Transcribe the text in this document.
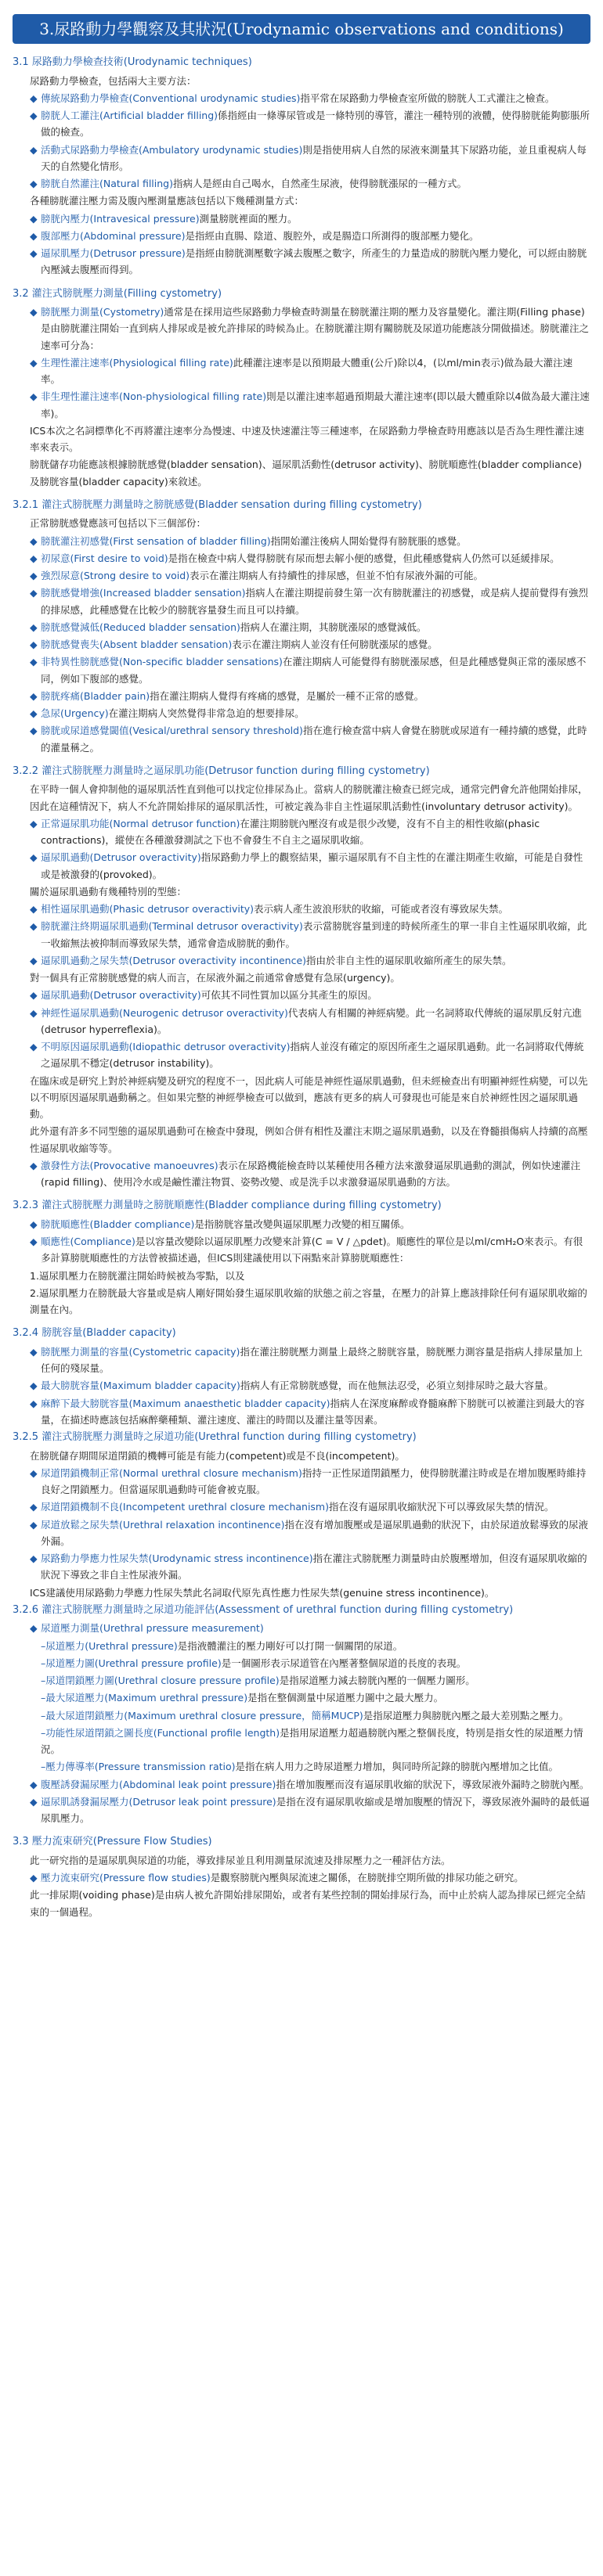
3.尿路動力學觀察及其狀況(Urodynamic observations and conditions)
3.1 尿路動力學檢查技術(Urodynamic techniques)
尿路動力學檢查，包括兩大主要方法：
◆ 傳統尿路動力學檢查(Conventional urodynamic studies)指平常在尿路動力學檢查室所做的膀胱人工式灌注之檢查。
◆ 膀胱人工灌注(Artificial bladder filling)係指經由一條導尿管或是一條特別的導管，灌注一種特別的液體，使得膀胱能夠膨脹所做的檢查。
◆ 活動式尿路動力學檢查(Ambulatory urodynamic studies)則是指使用病人自然的尿液來測量其下尿路功能，並且重視病人每天的自然變化情形。
◆ 膀胱自然灌注(Natural filling)指病人是經由自己喝水，自然產生尿液，使得膀胱漲尿的一種方式。
各種膀胱灌注壓力需及腹內壓測量應該包括以下幾種測量方式：
◆ 膀胱內壓力(Intravesical pressure)測量膀胱裡面的壓力。
◆ 腹部壓力(Abdominal pressure)是指經由直腸、陰道、腹腔外，或是腸造口所測得的腹部壓力變化。
◆ 逼尿肌壓力(Detrusor pressure)是指經由膀胱測壓數字減去腹壓之數字，所產生的力量造成的膀胱內壓力變化，可以經由膀胱內壓減去腹壓而得到。
3.2 灌注式膀胱壓力測量(Filling cystometry)
◆ 膀胱壓力測量(Cystometry)通常是在採用這些尿路動力學檢查時測量在膀胱灌注期的壓力及容量變化。灌注期(Filling phase)是由膀胱灌注開始一直到病人排尿或是被允許排尿的時候為止。在膀胱灌注期有關膀胱及尿道功能應該分開做描述。膀胱灌注之速率可分為：
◆ 生理性灌注速率(Physiological filling rate)此種灌注速率是以預期最大體重(公斤)除以4，(以ml/min表示)做為最大灌注速率。
◆ 非生理性灌注速率(Non-physiological filling rate)則是以灌注速率超過預期最大灌注速率(即以最大體重除以4做為最大灌注速率)。
ICS本次之名詞標準化不再將灌注速率分為慢速、中速及快速灌注等三種速率，在尿路動力學檢查時用應該以是否為生理性灌注速率來表示。
膀胱儲存功能應該根據膀胱感覺(bladder sensation)、逼尿肌活動性(detrusor activity)、膀胱順應性(bladder compliance)及膀胱容量(bladder capacity)來敘述。
3.2.1 灌注式膀胱壓力測量時之膀胱感覺(Bladder sensation during filling cystometry)
正常膀胱感覺應該可包括以下三個部份：
◆ 膀胱灌注初感覺(First sensation of bladder filling)指開始灌注後病人開始覺得有膀胱脹的感覺。
◆ 初尿意(First desire to void)是指在檢查中病人覺得膀胱有尿而想去解小便的感覺，但此種感覺病人仍然可以延緩排尿。
◆ 強烈尿意(Strong desire to void)表示在灌注期病人有持續性的排尿感，但並不怕有尿液外漏的可能。
◆ 膀胱感覺增強(Increased bladder sensation)指病人在灌注期提前發生第一次有膀胱灌注的初感覺，或是病人提前覺得有強烈的排尿感，此種感覺在比較少的膀胱容量發生而且可以持續。
◆ 膀胱感覺減低(Reduced bladder sensation)指病人在灌注期，其膀胱漲尿的感覺減低。
◆ 膀胱感覺喪失(Absent bladder sensation)表示在灌注期病人並沒有任何膀胱漲尿的感覺。
◆ 非特異性膀胱感覺(Non-specific bladder sensations)在灌注期病人可能覺得有膀胱漲尿感，但是此種感覺與正常的漲尿感不同，例如下腹部的感覺。
◆ 膀胱疼痛(Bladder pain)指在灌注期病人覺得有疼痛的感覺，是屬於一種不正常的感覺。
◆ 急尿(Urgency)在灌注期病人突然覺得非常急迫的想要排尿。
◆ 膀胱或尿道感覺閾值(Vesical/urethral sensory threshold)指在進行檢查當中病人會覺在膀胱或尿道有一種持續的感覺，此時的灌量稱之。
3.2.2 灌注式膀胱壓力測量時之逼尿肌功能(Detrusor function during filling cystometry)
在平時一個人會抑制他的逼尿肌活性直到他可以找定位排尿為止。當病人的膀胱灌注檢查已經完成，通常完們會允許他開始排尿，因此在這種情況下，病人不允許開始排尿的逼尿肌活性，可被定義為非自主性逼尿肌活動性(involuntary detrusor activity)。
◆ 正常逼尿肌功能(Normal detrusor function)在灌注期膀胱內壓沒有或是很少改變，沒有不自主的相性收縮(phasic contractions)，縱使在各種激發測試之下也不會發生不自主之逼尿肌收縮。
◆ 逼尿肌過動(Detrusor overactivity)指尿路動力學上的觀察結果，顯示逼尿肌有不自主性的在灌注期產生收縮，可能是自發性或是被激發的(provoked)。
關於逼尿肌過動有幾種特別的型態：
◆ 相性逼尿肌過動(Phasic detrusor overactivity)表示病人產生波浪形狀的收縮，可能或者沒有導致尿失禁。
◆ 膀胱灌注終期逼尿肌過動(Terminal detrusor overactivity)表示當膀胱容量到達的時候所產生的單一非自主性逼尿肌收縮，此一收縮無法被抑制而導致尿失禁，通常會造成膀胱的動作。
◆ 逼尿肌過動之尿失禁(Detrusor overactivity incontinence)指由於非自主性的逼尿肌收縮所產生的尿失禁。
對一個具有正常膀胱感覺的病人而言，在尿液外漏之前通常會感覺有急尿(urgency)。
◆ 逼尿肌過動(Detrusor overactivity)可依其不同性質加以區分其產生的原因。
◆ 神經性逼尿肌過動(Neurogenic detrusor overactivity)代表病人有相關的神經病變。此一名詞將取代傳統的逼尿肌反射亢進(detrusor hyperreflexia)。
◆ 不明原因逼尿肌過動(Idiopathic detrusor overactivity)指病人並沒有確定的原因所產生之逼尿肌過動。此一名詞將取代傳統之逼尿肌不穩定(detrusor instability)。
在臨床或是研究上對於神經病變及研究的程度不一，因此病人可能是神經性逼尿肌過動，但未經檢查出有明顯神經性病變，可以先以不明原因逼尿肌過動稱之。但如果完整的神經學檢查可以做到，應該有更多的病人可發現也可能是來自於神經性因之逼尿肌過動。
此外還有許多不同型態的逼尿肌過動可在檢查中發現，例如合併有相性及灌注末期之逼尿肌過動，以及在脊髓損傷病人持續的高壓性逼尿肌收縮等等。
◆ 激發性方法(Provocative manoeuvres)表示在尿路機能檢查時以某種使用各種方法來激發逼尿肌過動的測試，例如快速灌注(rapid filling)、使用冷水或是鹼性灌注物質、姿勢改變、或是洗手以求激發逼尿肌過動的方法。
3.2.3 灌注式膀胱壓力測量時之膀胱順應性(Bladder compliance during filling cystometry)
◆ 膀胱順應性(Bladder compliance)是指膀胱容量改變與逼尿肌壓力改變的相互關係。
◆ 順應性(Compliance)是以容量改變除以逼尿肌壓力改變來計算(C = V / △pdet)。順應性的單位是以ml/cmH₂O來表示。有很多計算膀胱順應性的方法曾被描述過，但ICS則建議使用以下兩點來計算膀胱順應性：
1.逼尿肌壓力在膀胱灌注開始時候被為零點，以及
2.逼尿肌壓力在膀胱最大容量或是病人剛好開始發生逼尿肌收縮的狀態之前之容量，在壓力的計算上應該排除任何有逼尿肌收縮的測量在內。
3.2.4 膀胱容量(Bladder capacity)
◆ 膀胱壓力測量的容量(Cystometric capacity)指在灌注膀胱壓力測量上最終之膀胱容量，膀胱壓力測容量是指病人排尿量加上任何的殘尿量。
◆ 最大膀胱容量(Maximum bladder capacity)指病人有正常膀胱感覺，而在他無法忍受，必須立刻排尿時之最大容量。
◆ 麻醉下最大膀胱容量(Maximum anaesthetic bladder capacity)指病人在深度麻醉或脊髓麻醉下膀胱可以被灌注到最大的容量，在描述時應該包括麻醉藥種類、灌注速度、灌注的時間以及灌注量等因素。
3.2.5 灌注式膀胱壓力測量時之尿道功能(Urethral function during filling cystometry)
在膀胱儲存期間尿道閉鎖的機轉可能是有能力(competent)或是不良(incompetent)。
◆ 尿道閉鎖機制正常(Normal urethral closure mechanism)指持一正性尿道閉鎖壓力，使得膀胱灌注時或是在增加腹壓時維持良好之閉鎖壓力。但當逼尿肌過動時可能會被克服。
◆ 尿道閉鎖機制不良(Incompetent urethral closure mechanism)指在沒有逼尿肌收縮狀況下可以導致尿失禁的情況。
◆ 尿道放鬆之尿失禁(Urethral relaxation incontinence)指在沒有增加腹壓或是逼尿肌過動的狀況下，由於尿道放鬆導致的尿液外漏。
◆ 尿路動力學應力性尿失禁(Urodynamic stress incontinence)指在灌注式膀胱壓力測量時由於腹壓增加，但沒有逼尿肌收縮的狀況下導致之非自主性尿液外漏。
ICS建議使用尿路動力學應力性尿失禁此名詞取代原先真性應力性尿失禁(genuine stress incontinence)。
3.2.6 灌注式膀胱壓力測量時之尿道功能評估(Assessment of urethral function during filling cystometry)
◆ 尿道壓力測量(Urethral pressure measurement)
–尿道壓力(Urethral pressure)是指液體灌注的壓力剛好可以打開一個關閉的尿道。
–尿道壓力圖(Urethral pressure profile)是一個圖形表示尿道管在內壓著整個尿道的長度的表現。
–尿道閉鎖壓力圖(Urethral closure pressure profile)是指尿道壓力減去膀胱內壓的一個壓力圖形。
–最大尿道壓力(Maximum urethral pressure)是指在整個測量中尿道壓力圖中之最大壓力。
–最大尿道閉鎖壓力(Maximum urethral closure pressure，簡稱MUCP)是指尿道壓力與膀胱內壓之最大差別點之壓力。
–功能性尿道閉鎖之圖長度(Functional profile length)是指用尿道壓力超過膀胱內壓之整個長度，特別是指女性的尿道壓力情況。
–壓力傳導率(Pressure transmission ratio)是指在病人用力之時尿道壓力增加，與同時所記錄的膀胱內壓增加之比值。
◆ 腹壓誘發漏尿壓力(Abdominal leak point pressure)指在增加腹壓而沒有逼尿肌收縮的狀況下，導致尿液外漏時之膀胱內壓。
◆ 逼尿肌誘發漏尿壓力(Detrusor leak point pressure)是指在沒有逼尿肌收縮或是增加腹壓的情況下，導致尿液外漏時的最低逼尿肌壓力。
3.3 壓力流束研究(Pressure Flow Studies)
此一研究指的是逼尿肌與尿道的功能，導致排尿並且利用測量尿流速及排尿壓力之一種評估方法。
◆ 壓力流束研究(Pressure flow studies)是觀察膀胱內壓與尿流速之關係，在膀胱排空期所做的排尿功能之研究。
此一排尿期(voiding phase)是由病人被允許開始排尿開始，或者有某些控制的開始排尿行為，而中止於病人認為排尿已經完全結束的一個過程。
